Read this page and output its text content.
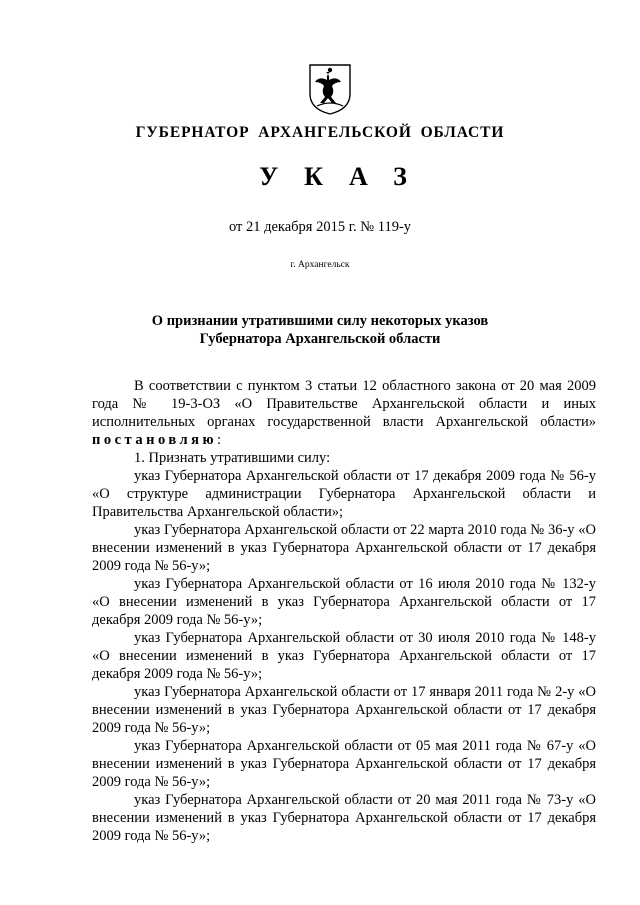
ГУБЕРНАТОР АРХАНГЕЛЬСКОЙ ОБЛАСТИ
УКАЗ
от 21 декабря 2015 г. № 119-у
г. Архангельск
О признании утратившими силу некоторых указов
Губернатора Архангельской области

В соответствии с пунктом 3 статьи 12 областного закона от 20 мая 2009 года № 19-3-ОЗ «О Правительстве Архангельской области и иных исполнительных органах государственной власти Архангельской области» постановляю:

1. Признать утратившими силу:

указ Губернатора Архангельской области от 17 декабря 2009 года № 56-у «О структуре администрации Губернатора Архангельской области и Правительства Архангельской области»;

указ Губернатора Архангельской области от 22 марта 2010 года № 36-у «О внесении изменений в указ Губернатора Архангельской области от 17 декабря 2009 года № 56-у»;

указ Губернатора Архангельской области от 16 июля 2010 года № 132-у «О внесении изменений в указ Губернатора Архангельской области от 17 декабря 2009 года № 56-у»;

указ Губернатора Архангельской области от 30 июля 2010 года № 148-у «О внесении изменений в указ Губернатора Архангельской области от 17 декабря 2009 года № 56-у»;

указ Губернатора Архангельской области от 17 января 2011 года № 2-у «О внесении изменений в указ Губернатора Архангельской области от 17 декабря 2009 года № 56-у»;

указ Губернатора Архангельской области от 05 мая 2011 года № 67-у «О внесении изменений в указ Губернатора Архангельской области от 17 декабря 2009 года № 56-у»;

указ Губернатора Архангельской области от 20 мая 2011 года № 73-у «О внесении изменений в указ Губернатора Архангельской области от 17 декабря 2009 года № 56-у»;
